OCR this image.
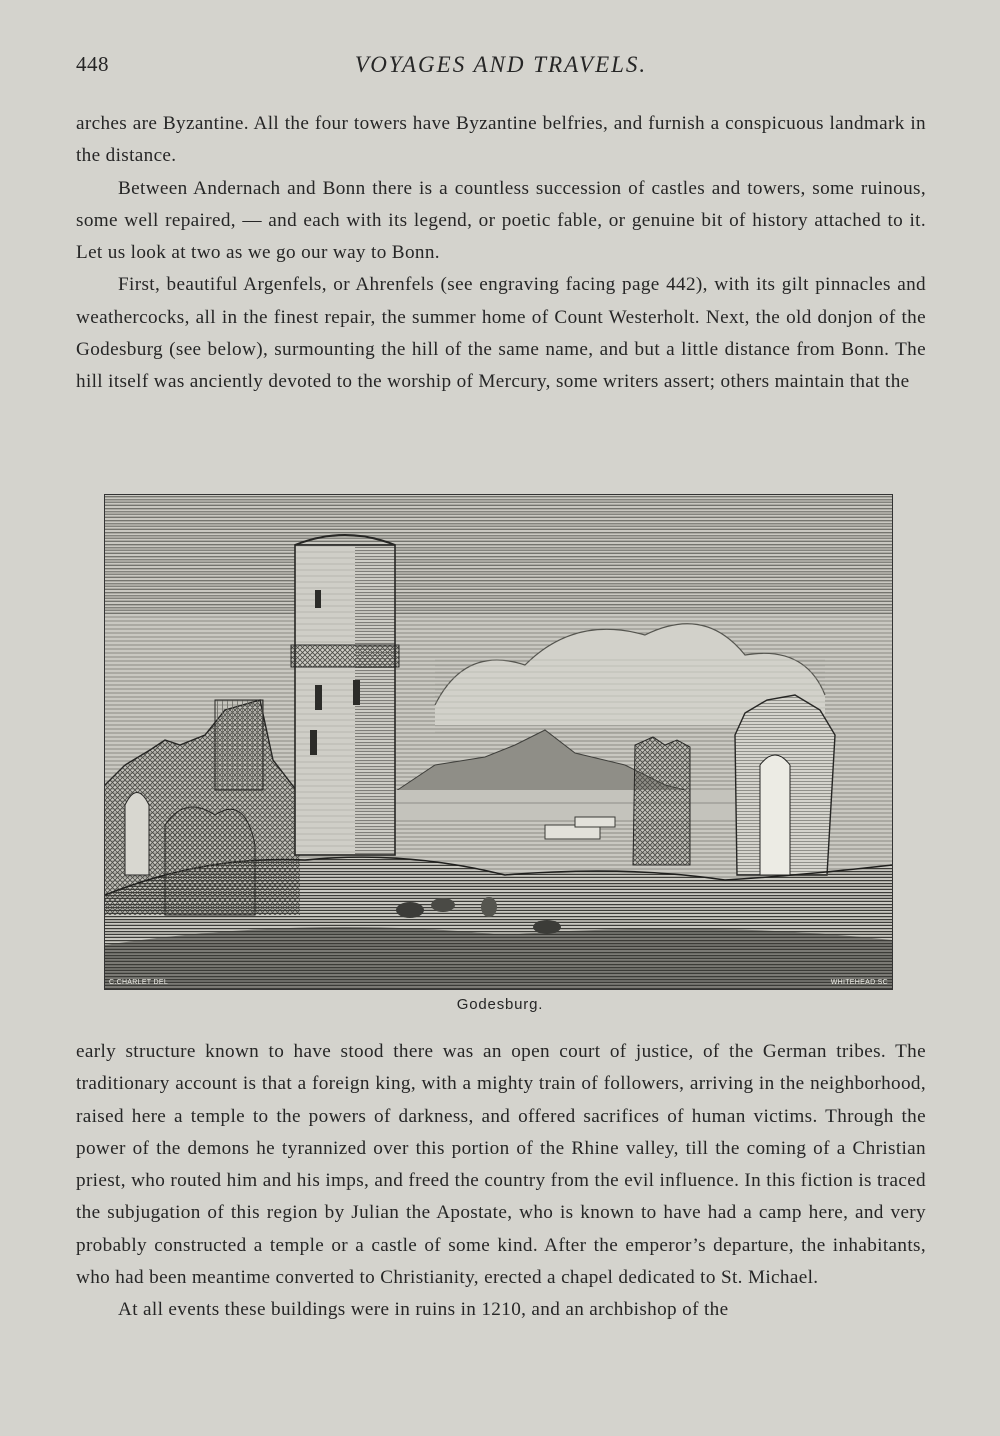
448	VOYAGES AND TRAVELS.

arches are Byzantine. All the four towers have Byzantine belfries, and furnish a conspicuous landmark in the distance.

Between Andernach and Bonn there is a countless succession of castles and towers, some ruinous, some well repaired, — and each with its legend, or poetic fable, or genuine bit of history attached to it. Let us look at two as we go our way to Bonn.

First, beautiful Argenfels, or Ahrenfels (see engraving facing page 442), with its gilt pinnacles and weathercocks, all in the finest repair, the summer home of Count Westerholt. Next, the old donjon of the Godesburg (see below), surmounting the hill of the same name, and but a little distance from Bonn. The hill itself was anciently devoted to the worship of Mercury, some writers assert; others maintain that the

C.CHARLET DEL	WHITEHEAD SC
Godesburg.

early structure known to have stood there was an open court of justice, of the German tribes. The traditionary account is that a foreign king, with a mighty train of followers, arriving in the neighborhood, raised here a temple to the powers of darkness, and offered sacrifices of human victims. Through the power of the demons he tyrannized over this portion of the Rhine valley, till the coming of a Christian priest, who routed him and his imps, and freed the country from the evil influence. In this fiction is traced the subjugation of this region by Julian the Apostate, who is known to have had a camp here, and very probably constructed a temple or a castle of some kind. After the emperor’s departure, the inhabitants, who had been meantime converted to Christianity, erected a chapel dedicated to St. Michael.

At all events these buildings were in ruins in 1210, and an archbishop of the
